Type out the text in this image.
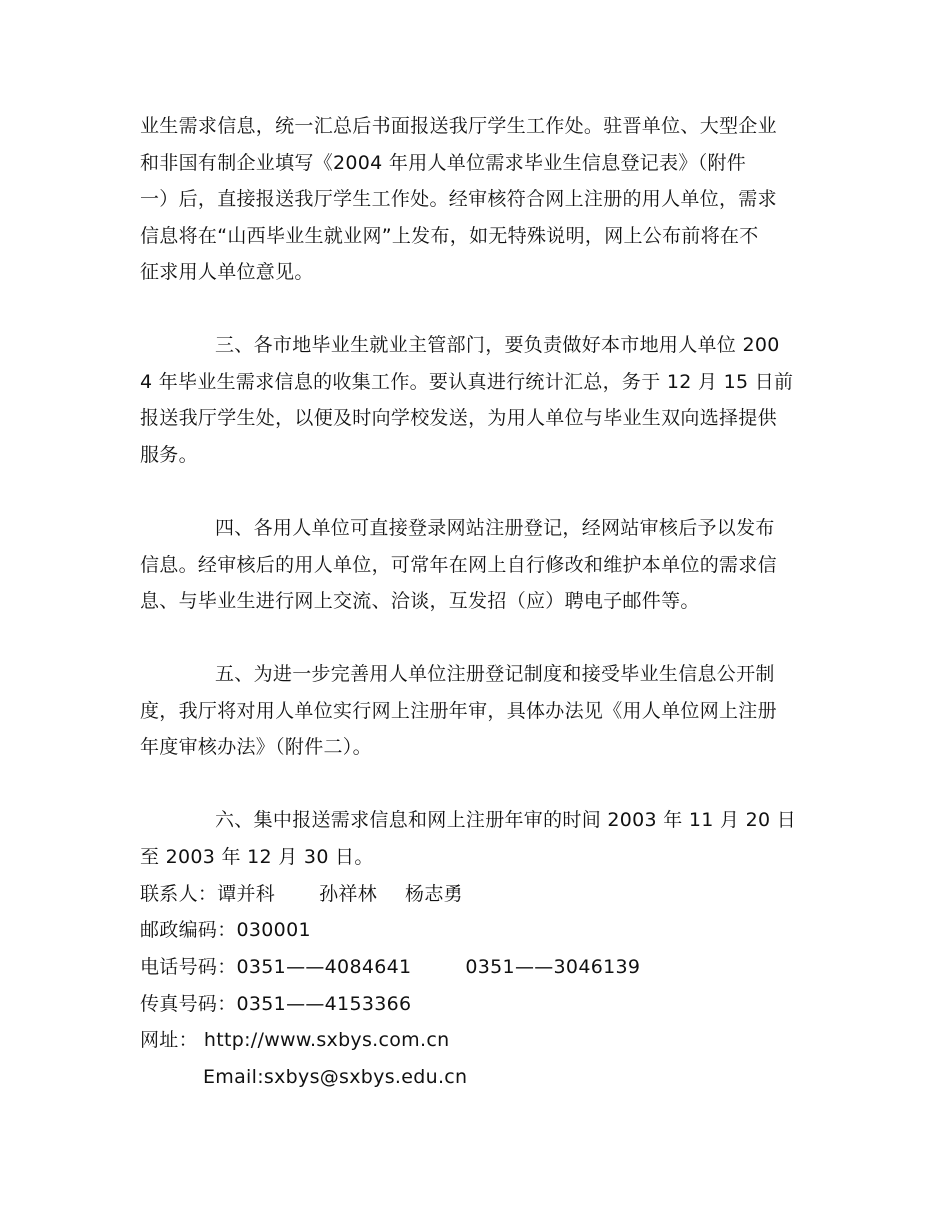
业生需求信息，统一汇总后书面报送我厅学生工作处。驻晋单位、大型企业
和非国有制企业填写《2004 年用人单位需求毕业生信息登记表》（附件
一）后，直接报送我厅学生工作处。经审核符合网上注册的用人单位，需求
信息将在“山西毕业生就业网”上发布，如无特殊说明，网上公布前将在不
征求用人单位意见。
三、各市地毕业生就业主管部门，要负责做好本市地用人单位 200
4 年毕业生需求信息的收集工作。要认真进行统计汇总，务于 12 月 15 日前
报送我厅学生处，以便及时向学校发送，为用人单位与毕业生双向选择提供
服务。
四、各用人单位可直接登录网站注册登记，经网站审核后予以发布
信息。经审核后的用人单位，可常年在网上自行修改和维护本单位的需求信
息、与毕业生进行网上交流、洽谈，互发招（应）聘电子邮件等。
五、为进一步完善用人单位注册登记制度和接受毕业生信息公开制
度，我厅将对用人单位实行网上注册年审，具体办法见《用人单位网上注册
年度审核办法》（附件二）。
六、集中报送需求信息和网上注册年审的时间 2003 年 11 月 20 日
至 2003 年 12 月 30 日。
联系人：谭并科 孙祥林 杨志勇
邮政编码：030001
电话号码：0351——4084641	0351——3046139
传真号码：0351——4153366
网址： http://www.sxbys.com.cn
Email:sxbys@sxbys.edu.cn
